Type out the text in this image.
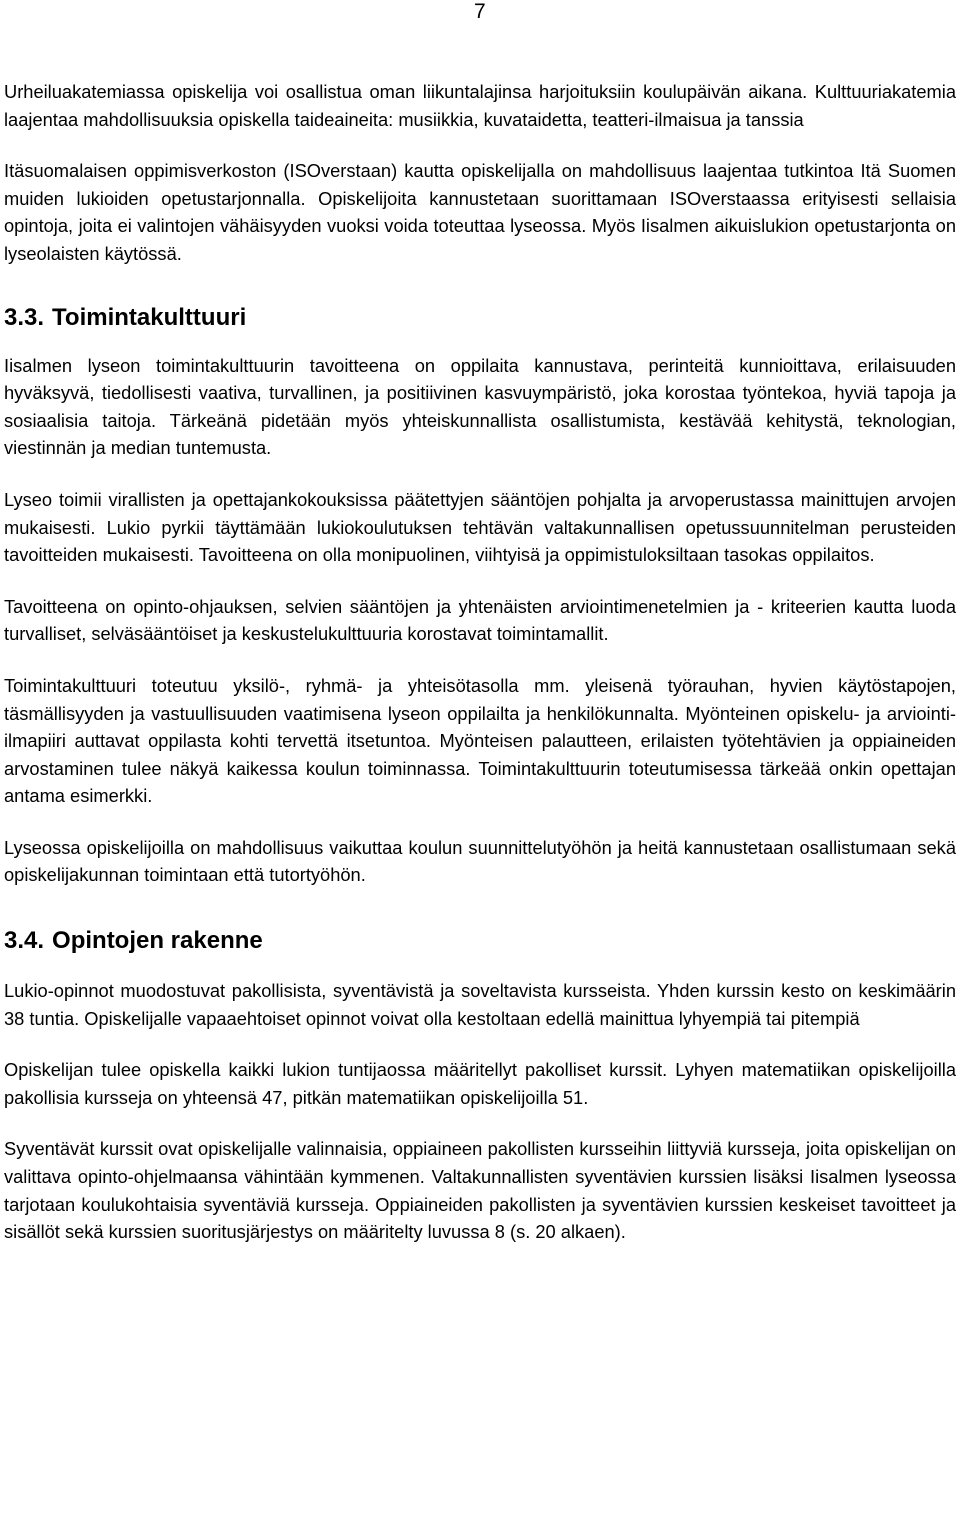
7

Urheiluakatemiassa opiskelija voi osallistua oman liikuntalajinsa harjoituksiin koulupäivän aikana. Kulttuuriakatemia laajentaa mahdollisuuksia opiskella taideaineita: musiikkia, kuvataidetta, teatteri-ilmaisua ja tanssia

Itäsuomalaisen oppimisverkoston (ISOverstaan) kautta opiskelijalla on mahdollisuus laajentaa tutkintoa Itä Suomen muiden lukioiden opetustarjonnalla. Opiskelijoita kannustetaan suorittamaan ISOverstaassa erityisesti sellaisia opintoja, joita ei valintojen vähäisyyden vuoksi voida toteuttaa lyseossa. Myös Iisalmen aikuislukion opetustarjonta on lyseolaisten käytössä.

3.3. Toimintakulttuuri

Iisalmen lyseon toimintakulttuurin tavoitteena on oppilaita kannustava, perinteitä kunnioittava, erilaisuuden hyväksyvä, tiedollisesti vaativa, turvallinen, ja positiivinen kasvuympäristö, joka korostaa työntekoa, hyviä tapoja ja sosiaalisia taitoja. Tärkeänä pidetään myös yhteiskunnallista osallistumista, kestävää kehitystä, teknologian, viestinnän ja median tuntemusta.

Lyseo toimii virallisten ja opettajankokouksissa päätettyjen sääntöjen pohjalta ja arvoperustassa mainittujen arvojen mukaisesti. Lukio pyrkii täyttämään lukiokoulutuksen tehtävän valtakunnallisen opetussuunnitelman perusteiden tavoitteiden mukaisesti. Tavoitteena on olla monipuolinen, viihtyisä ja oppimistuloksiltaan tasokas oppilaitos.

Tavoitteena on opinto-ohjauksen, selvien sääntöjen ja yhtenäisten arviointimenetelmien ja - kriteerien kautta luoda turvalliset, selväsääntöiset ja keskustelukulttuuria korostavat toimintamallit.

Toimintakulttuuri toteutuu yksilö-, ryhmä- ja yhteisötasolla mm. yleisenä työrauhan, hyvien käytöstapojen, täsmällisyyden ja vastuullisuuden vaatimisena lyseon oppilailta ja henkilökunnalta. Myönteinen opiskelu- ja arviointi-ilmapiiri auttavat oppilasta kohti tervettä itsetuntoa. Myönteisen palautteen, erilaisten työtehtävien ja oppiaineiden arvostaminen tulee näkyä kaikessa koulun toiminnassa. Toimintakulttuurin toteutumisessa tärkeää onkin opettajan antama esimerkki.

Lyseossa opiskelijoilla on mahdollisuus vaikuttaa koulun suunnittelutyöhön ja heitä kannustetaan osallistumaan sekä opiskelijakunnan toimintaan että tutortyöhön.

3.4. Opintojen rakenne

Lukio-opinnot muodostuvat pakollisista, syventävistä ja soveltavista kursseista. Yhden kurssin kesto on keskimäärin 38 tuntia. Opiskelijalle vapaaehtoiset opinnot voivat olla kestoltaan edellä mainittua lyhyempiä tai pitempiä

Opiskelijan tulee opiskella kaikki lukion tuntijaossa määritellyt pakolliset kurssit. Lyhyen matematiikan opiskelijoilla pakollisia kursseja on yhteensä 47, pitkän matematiikan opiskelijoilla 51.

Syventävät kurssit ovat opiskelijalle valinnaisia, oppiaineen pakollisten kursseihin liittyviä kursseja, joita opiskelijan on valittava opinto-ohjelmaansa vähintään kymmenen. Valtakunnallisten syventävien kurssien lisäksi Iisalmen lyseossa tarjotaan koulukohtaisia syventäviä kursseja. Oppiaineiden pakollisten ja syventävien kurssien keskeiset tavoitteet ja sisällöt sekä kurssien suoritusjärjestys on määritelty luvussa 8 (s. 20 alkaen).
